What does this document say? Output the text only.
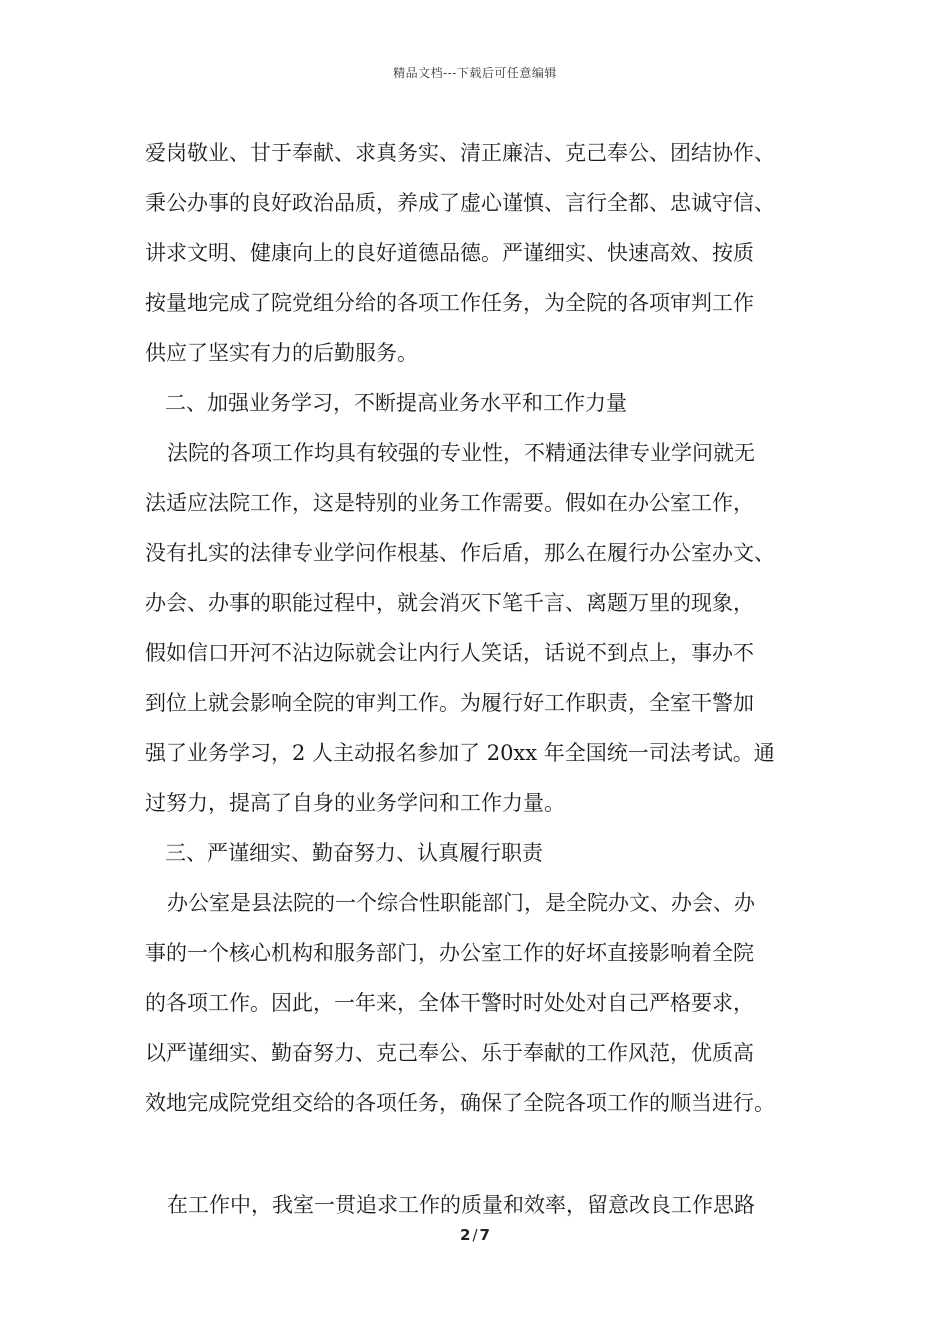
精品文档---下载后可任意编辑
爱岗敬业、甘于奉献、求真务实、清正廉洁、克己奉公、团结协作、
秉公办事的良好政治品质，养成了虚心谨慎、言行全都、忠诚守信、
讲求文明、健康向上的良好道德品德。严谨细实、快速高效、按质
按量地完成了院党组分给的各项工作任务，为全院的各项审判工作
供应了坚实有力的后勤服务。
二、加强业务学习，不断提高业务水平和工作力量
法院的各项工作均具有较强的专业性，不精通法律专业学问就无
法适应法院工作，这是特别的业务工作需要。假如在办公室工作，
没有扎实的法律专业学问作根基、作后盾，那么在履行办公室办文、
办会、办事的职能过程中，就会消灭下笔千言、离题万里的现象，
假如信口开河不沾边际就会让内行人笑话，话说不到点上，事办不
到位上就会影响全院的审判工作。为履行好工作职责，全室干警加
强了业务学习，2 人主动报名参加了 20xx 年全国统一司法考试。通
过努力，提高了自身的业务学问和工作力量。
三、严谨细实、勤奋努力、认真履行职责
办公室是县法院的一个综合性职能部门，是全院办文、办会、办
事的一个核心机构和服务部门，办公室工作的好坏直接影响着全院
的各项工作。因此，一年来，全体干警时时处处对自己严格要求，
以严谨细实、勤奋努力、克己奉公、乐于奉献的工作风范，优质高
效地完成院党组交给的各项任务，确保了全院各项工作的顺当进行。
在工作中，我室一贯追求工作的质量和效率，留意改良工作思路
2 / 7
